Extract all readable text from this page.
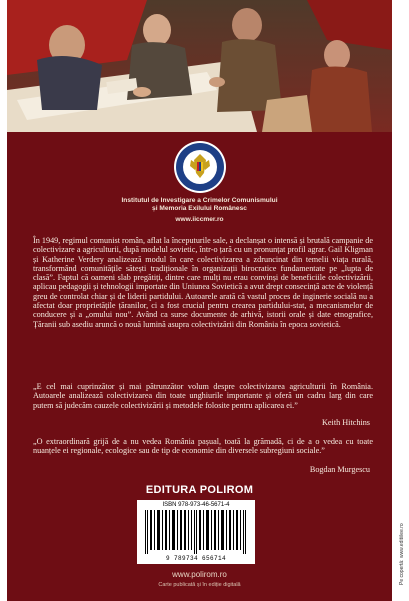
Institutul de Investigare a Crimelor Comunismului
și Memoria Exilului Românesc
www.iiccmer.ro

În 1949, regimul comunist român, aflat la începuturile sale, a declanșat o intensă și brutală campanie de colectivizare a agriculturii, după modelul sovietic, într-o țară cu un pronunțat profil agrar. Gail Kligman și Katherine Verdery analizează modul în care colectivizarea a zdruncinat din temelii viața rurală, transformând comunitățile sătești tradiționale în organizații birocratice fundamentate pe „lupta de clasă”. Faptul că oameni slab pregătiți, dintre care mulți nu erau convinși de beneficiile colectivizării, aplicau pedagogii și tehnologii importate din Uniunea Sovietică a avut drept consecință acte de violență greu de controlat chiar și de liderii partidului. Autoarele arată că vastul proces de inginerie socială nu a afectat doar proprietățile țăranilor, ci a fost crucial pentru crearea partidului-stat, a mecanismelor de conducere și a „omului nou”. Având ca surse documente de arhivă, istorii orale și date etnografice, Țăranii sub asediu aruncă o nouă lumină asupra colectivizării din România în epoca sovietică.

„E cel mai cuprinzător și mai pătrunzător volum despre colectivizarea agriculturii în România. Autoarele analizează colectivizarea din toate unghiurile importante și oferă un cadru larg din care putem să judecăm cauzele colectivizării și metodele folosite pentru aplicarea ei.”

Keith Hitchins

„O extraordinară grijă de a nu vedea România pașual, toată la grămadă, ci de a o vedea cu toate nuanțele ei regionale, ecologice sau de tip de economie din diversele subregiuni sociale.”

Bogdan Murgescu
EDITURA POLIROM
ISBN 978-973-46-5671-4
9 789734 656714
www.polirom.ro
Carte publicată și în ediție digitală	Pe copertă: www.editiilee.ro
